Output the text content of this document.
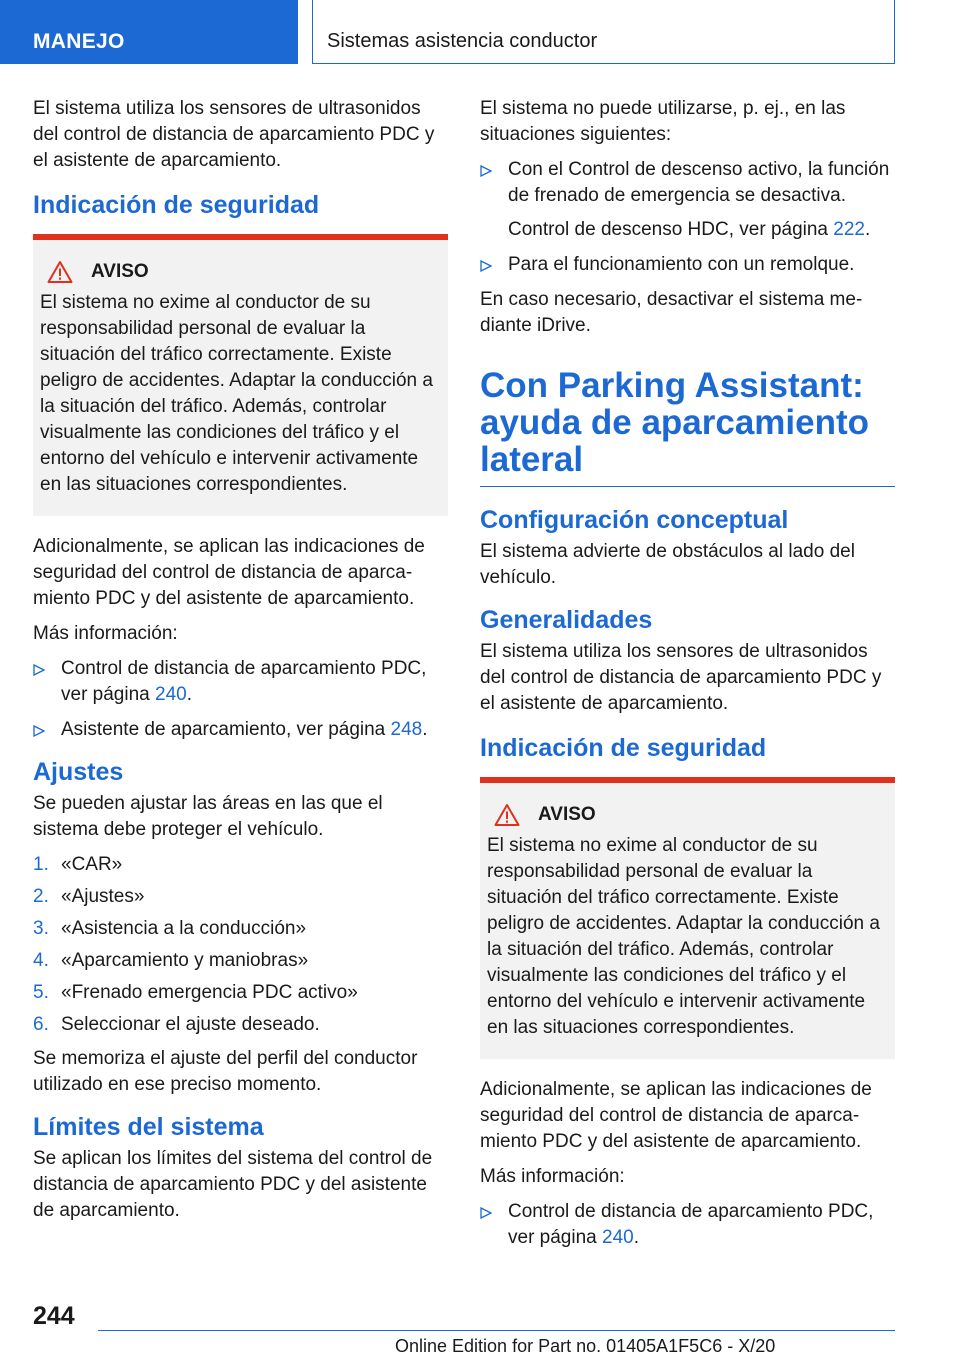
MANEJO	Sistemas asistencia conductor

El sistema utiliza los sensores de ultrasonidos del control de distancia de aparcamiento PDC y el asistente de aparcamiento.

Indicación de seguridad
AVISO

El sistema no exime al conductor de su responsabilidad personal de evaluar la situación del tráfico correctamente. Existe peligro de accidentes. Adaptar la conducción a la situación del tráfico. Además, controlar visualmente las condiciones del tráfico y el entorno del vehículo e intervenir activamente en las situaciones correspondientes.

Adicionalmente, se aplican las indicaciones de seguridad del control de distancia de aparcamiento PDC y del asistente de aparcamiento.

Más información:

Control de distancia de aparcamiento PDC, ver página 240.
Asistente de aparcamiento, ver página 248.
Ajustes

Se pueden ajustar las áreas en las que el sistema debe proteger el vehículo.

1. «CAR»
2. «Ajustes»
3. «Asistencia a la conducción»
4. «Aparcamiento y maniobras»
5. «Frenado emergencia PDC activo»
6. Seleccionar el ajuste deseado.

Se memoriza el ajuste del perfil del conductor utilizado en ese preciso momento.

Límites del sistema

Se aplican los límites del sistema del control de distancia de aparcamiento PDC y del asistente de aparcamiento.

El sistema no puede utilizarse, p. ej., en las situaciones siguientes:

Con el Control de descenso activo, la función de frenado de emergencia se desactiva.
Control de descenso HDC, ver página 222.
Para el funcionamiento con un remolque.

En caso necesario, desactivar el sistema mediante iDrive.

Con Parking Assistant: ayuda de aparcamiento lateral
Configuración conceptual

El sistema advierte de obstáculos al lado del vehículo.

Generalidades

El sistema utiliza los sensores de ultrasonidos del control de distancia de aparcamiento PDC y el asistente de aparcamiento.

Indicación de seguridad
AVISO

El sistema no exime al conductor de su responsabilidad personal de evaluar la situación del tráfico correctamente. Existe peligro de accidentes. Adaptar la conducción a la situación del tráfico. Además, controlar visualmente las condiciones del tráfico y el entorno del vehículo e intervenir activamente en las situaciones correspondientes.

Adicionalmente, se aplican las indicaciones de seguridad del control de distancia de aparcamiento PDC y del asistente de aparcamiento.

Más información:

Control de distancia de aparcamiento PDC, ver página 240.
244
Online Edition for Part no. 01405A1F5C6 - X/20
